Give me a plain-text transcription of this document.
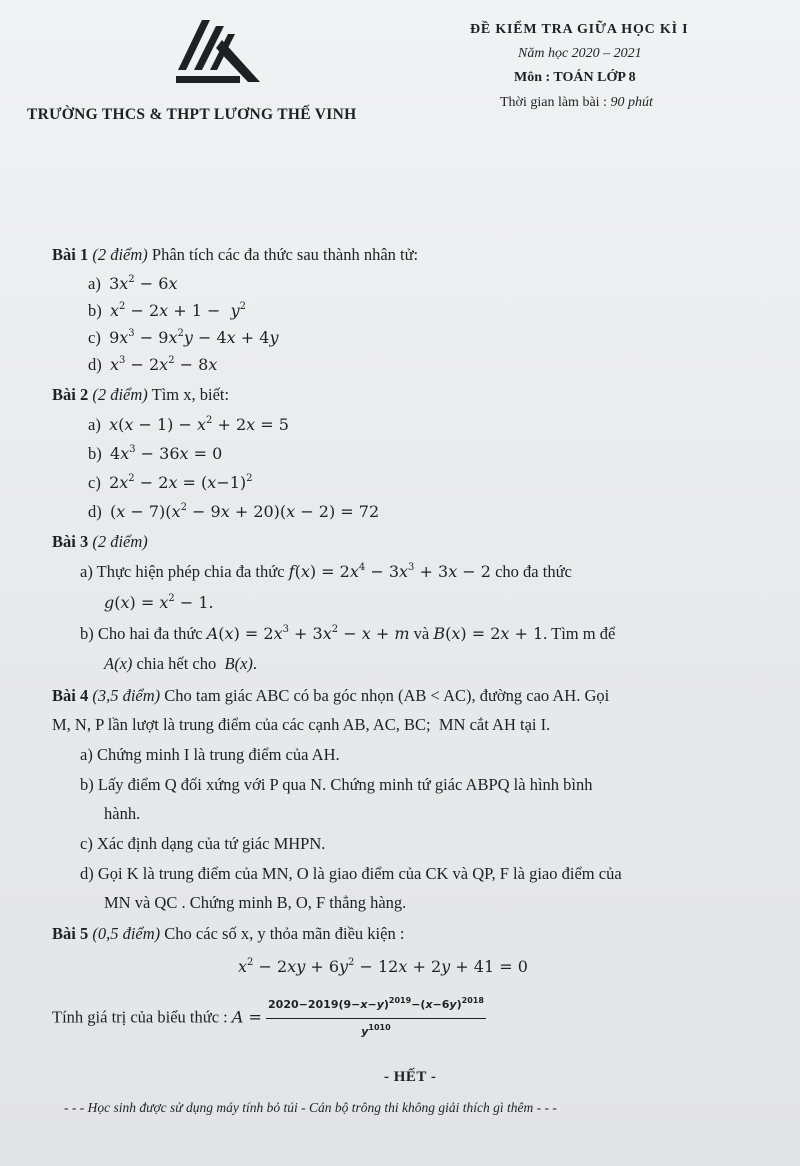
TRƯỜNG THCS & THPT LƯƠNG THẾ VINH
ĐỀ KIỂM TRA GIỮA HỌC KÌ I
Năm học 2020 – 2021
Môn : TOÁN LỚP 8
Thời gian làm bài : 90 phút
Bài 1 (2 điểm) Phân tích các đa thức sau thành nhân tử:
a) $3x^2 - 6x$
b) $x^2 - 2x + 1 - y^2$
c) $9x^3 - 9x^2y - 4x + 4y$
d) $x^3 - 2x^2 - 8x$
Bài 2 (2 điểm) Tìm x, biết:
a) $x(x - 1) - x^2 + 2x = 5$
b) $4x^3 - 36x = 0$
c) $2x^2 - 2x = (x-1)^2$
d) $(x - 7)(x^2 - 9x + 20)(x - 2) = 72$
Bài 3 (2 điểm)
a) Thực hiện phép chia đa thức $f(x) = 2x^4 - 3x^3 + 3x - 2$ cho đa thức
$g(x) = x^2 - 1$.
b) Cho hai đa thức $A(x) = 2x^3 + 3x^2 - x + m$ và B(x) = 2x + 1. Tìm m để
A(x) chia hết cho  B(x).
Bài 4 (3,5 điểm) Cho tam giác ABC có ba góc nhọn (AB < AC), đường cao AH. Gọi
M, N, P lần lượt là trung điểm của các cạnh AB, AC, BC;  MN cắt AH tại I.
a) Chứng minh I là trung điểm của AH.
b) Lấy điểm Q đối xứng với P qua N. Chứng minh tứ giác ABPQ là hình bình
hành.
c) Xác định dạng của tứ giác MHPN.
d) Gọi K là trung điểm của MN, O là giao điểm của CK và QP, F là giao điểm của
MN và QC . Chứng minh B, O, F thẳng hàng.
Bài 5 (0,5 điểm) Cho các số x, y thỏa mãn điều kiện :
$x^2 - 2xy + 6y^2 - 12x + 2y + 41 = 0$
Tính giá trị của biểu thức : $A = \frac{2020-2019(9-x-y)^{2019}-(x-6y)^{2018}}{y^{1010}}$
- HẾT -
- - - Học sinh được sử dụng máy tính bỏ túi - Cán bộ trông thi không giải thích gì thêm - - -
